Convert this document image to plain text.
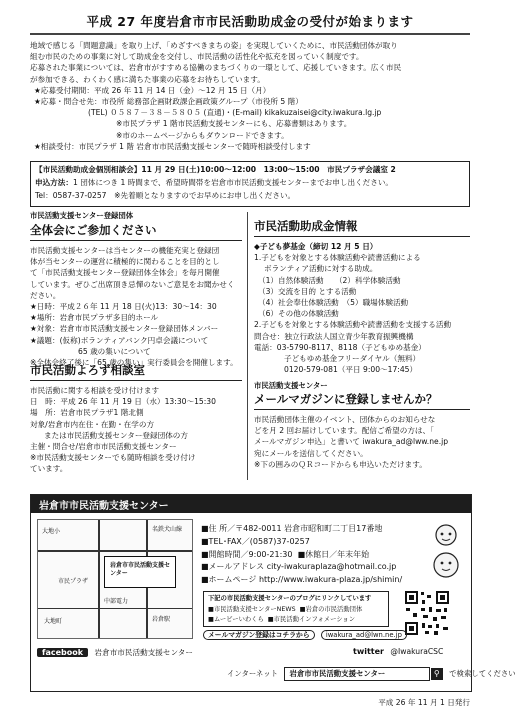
平成 27 年度岩倉市市民活動助成金の受付が始まります
地域で感じる「問題意識」を取り上げ、「めざすべきまちの姿」を実現していくために、市民活動団体が取り
組む市民のための事業に対して助成金を交付し、市民活動の活性化や拡充を図っていく制度です。
応募された事業については、岩倉市がすすめる協働のまちづくりの一環として、応援していきます。広く市民
が参加できる、わくわく感に満ちた事業の応募をお待ちしています。
★応募受付期間：平成 26 年 11 月 14 日（金）〜12 月 15 日（月）
★応募・問合せ先：市役所 総務部企画財政課企画政策グループ（市役所 5 階）
(TEL) ０５８７－３８－５８０５ (直通)・(E-mail) kikakuzaisei@city.iwakura.lg.jp
※市民プラザ 1 階市民活動支援センターにも、応募書類はあります。
※市のホームページからもダウンロードできます。
★相談受付：市民プラザ 1 階 岩倉市市民活動支援センターで随時相談受付します
【市民活動助成金個別相談会】11 月 29 日(土)10:00〜12:00　13:00〜15:00　市民プラザ会議室 2
申込方法：1 団体につき 1 時間まで、希望時間帯を岩倉市市民活動支援センターまでお申し出ください。
Tel：0587-37-0257　※先着順となりますのでお早めにお申し出ください。
市民活動支援センター登録団体
全体会にご参加ください
市民活動支援センターは当センターの機能充実と登録団
体が当センターの運営に積極的に関わることを目的とし
て「市民活動支援センター登録団体全体会」を毎月開催
しています。ぜひご出席頂き忌憚のないご意見をお聞かせく
ださい。
★日時：平成２６年 11 月 18 日(火)13：30〜14：30
★場所：岩倉市民プラザ多目的ホール
★対象：岩倉市市民活動支援センター登録団体メンバー
★議題：(仮称)ボランティアバンク円卓会議について
65 歳の集いについて
※全体会終了後に「65 歳の集い」実行委員会を開催します。
市民活動よろず相談室
市民活動に関する相談を受け付けます
日　時：平成 26 年 11 月 19 日（水）13:30〜15:30
場　所：岩倉市民プラザ1 階北側
対象/岩倉市内在住・在勤・在学の方
または市民活動支援センター登録団体の方
主催・問合せ/岩倉市市民活動支援センター
※市民活動支援センターでも随時相談を受け付け
ています。
市民活動助成金情報
◆子ども夢基金（締切 12 月 5 日）
1.子どもを対象とする体験活動や読書活動による
ボランティア活動に対する助成。
（1）自然体験活動　　（2）科学体験活動
（3）交流を目的 とする活動
（4）社会奉仕体験活動　（5）職場体験活動
（6）その他の体験活動
2.子どもを対象とする体験活動や読書活動を支援する活動
問合せ：独立行政法人国立青少年教育振興機構
電話：03-5790-8117、8118（子どもゆめ基金）
子どもゆめ基金フリーダイヤル（無料）
0120-579-081（平日 9:00〜17:45）
市民活動支援センター
メールマガジンに登録しませんか？
市民活動団体主催のイベント、団体からのお知らせな
どを月 2 回お届けしています。配信ご希望の方は、「
メールマガジン申込」と書いて iwakura_ad@lww.ne.jp
宛にメールを送信してください。
※下の囲みのＱＲコードからも申込いただけます。
岩倉市市民活動支援センター
岩倉市市民活動支援センター
市民プラザ
岩倉駅
大地小	名鉄犬山線
大地町
中部電力
■住 所／〒482-0011 岩倉市昭和町二丁目17番地
■TEL･FAX／(0587)37-0257
■開館時間／9:00-21:30 ■休館日／年末年始
■メールアドレス city-iwakuraplaza@hotmail.co.jp
■ホームページ http://www.iwakura-plaza.jp/shimin/
下記の市民活動支援センターのブログにリンクしています
■市民活動支援センターNEWS ■岩倉の市民活動団体
■ムービーいわくら ■市民活動インフォメーション
メールマガジン登録はコチラから iwakura_ad@lwn.ne.jp
facebook 岩倉市市民活動支援センター	twitter @IwakuraCSC
インターネット 岩倉市市民活動支援センター	⚲ で検索してください
平成 26 年 11 月 1 日発行
